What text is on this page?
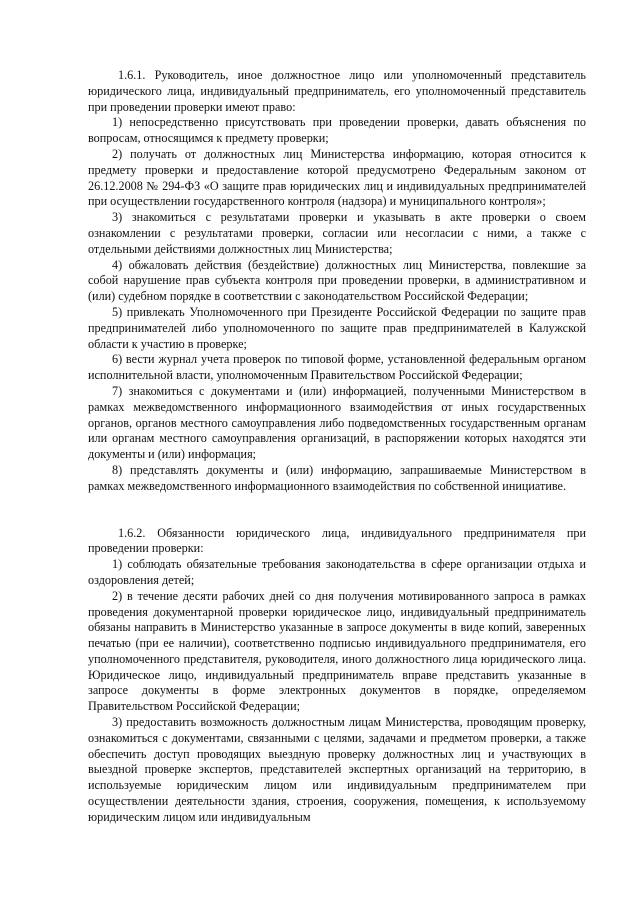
1.6.1. Руководитель, иное должностное лицо или уполномоченный представитель юридического лица, индивидуальный предприниматель, его уполномоченный представитель при проведении проверки имеют право:

1) непосредственно присутствовать при проведении проверки, давать объяснения по вопросам, относящимся к предмету проверки;

2) получать от должностных лиц Министерства информацию, которая относится к предмету проверки и предоставление которой предусмотрено Федеральным законом от 26.12.2008 № 294-ФЗ «О защите прав юридических лиц и индивидуальных предпринимателей при осуществлении государственного контроля (надзора) и муниципального контроля»;

3) знакомиться с результатами проверки и указывать в акте проверки о своем ознакомлении с результатами проверки, согласии или несогласии с ними, а также с отдельными действиями должностных лиц Министерства;

4) обжаловать действия (бездействие) должностных лиц Министерства, повлекшие за собой нарушение прав субъекта контроля при проведении проверки, в административном и (или) судебном порядке в соответствии с законодательством Российской Федерации;

5) привлекать Уполномоченного при Президенте Российской Федерации по защите прав предпринимателей либо уполномоченного по защите прав предпринимателей в Калужской области к участию в проверке;

6) вести журнал учета проверок по типовой форме, установленной федеральным органом исполнительной власти, уполномоченным Правительством Российской Федерации;

7) знакомиться с документами и (или) информацией, полученными Министерством в рамках межведомственного информационного взаимодействия от иных государственных органов, органов местного самоуправления либо подведомственных государственным органам или органам местного самоуправления организаций, в распоряжении которых находятся эти документы и (или) информация;

8) представлять документы и (или) информацию, запрашиваемые Министерством в рамках межведомственного информационного взаимодействия по собственной инициативе.

1.6.2. Обязанности юридического лица, индивидуального предпринимателя при проведении проверки:

1) соблюдать обязательные требования законодательства в сфере организации отдыха и оздоровления детей;

2) в течение десяти рабочих дней со дня получения мотивированного запроса в рамках проведения документарной проверки юридическое лицо, индивидуальный предприниматель обязаны направить в Министерство указанные в запросе документы в виде копий, заверенных печатью (при ее наличии), соответственно подписью индивидуального предпринимателя, его уполномоченного представителя, руководителя, иного должностного лица юридического лица. Юридическое лицо, индивидуальный предприниматель вправе представить указанные в запросе документы в форме электронных документов в порядке, определяемом Правительством Российской Федерации;

3) предоставить возможность должностным лицам Министерства, проводящим проверку, ознакомиться с документами, связанными с целями, задачами и предметом проверки, а также обеспечить доступ проводящих выездную проверку должностных лиц и участвующих в выездной проверке экспертов, представителей экспертных организаций на территорию, в используемые юридическим лицом или индивидуальным предпринимателем при осуществлении деятельности здания, строения, сооружения, помещения, к используемому юридическим лицом или индивидуальным
